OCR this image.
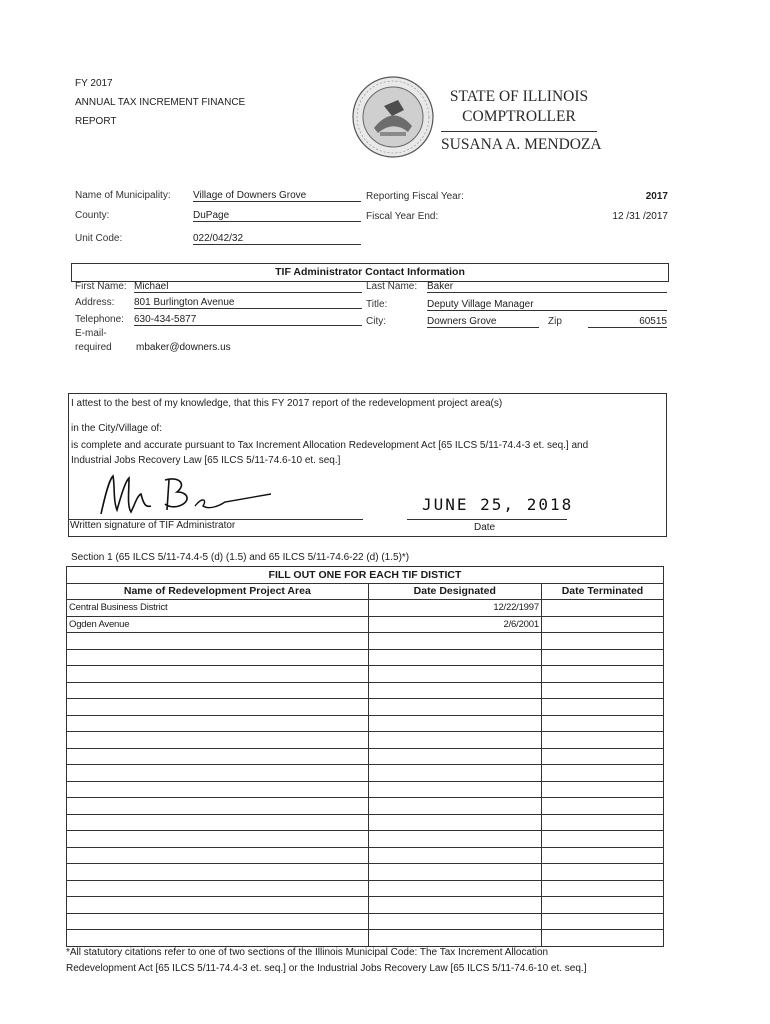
FY 2017
ANNUAL TAX INCREMENT FINANCE
REPORT
STATE OF ILLINOIS
COMPTROLLER
SUSANA A. MENDOZA
Name of Municipality: Village of Downers Grove
County:	DuPage
Unit Code:	022/042/32
Reporting Fiscal Year:	2017
Fiscal Year End:	12 /31 /2017
TIF Administrator Contact Information
First Name: Michael	Last Name: Baker
Address: 801 Burlington Avenue	Title:	Deputy Village Manager
Telephone: 630-434-5877	City:	Downers Grove	Zip	60515
E-mail-
required mbaker@downers.us
I attest to the best of my knowledge, that this FY 2017 report of the redevelopment project area(s)
in the City/Village of:
is complete and accurate pursuant to Tax Increment Allocation Redevelopment Act [65 ILCS 5/11-74.4-3 et. seq.] and
Industrial Jobs Recovery Law [65 ILCS 5/11-74.6-10 et. seq.]
Written signature of TIF Administrator
JUNE 25, 2018
Date
Section 1 (65 ILCS 5/11-74.4-5 (d) (1.5) and 65 ILCS 5/11-74.6-22 (d) (1.5)*)
FILL OUT ONE FOR EACH TIF DISTICT		
Name of Redevelopment Project Area	Date Designated	Date Terminated
Central Business District	12/22/1997	
Ogden Avenue	2/6/2001	

*All statutory citations refer to one of two sections of the Illinois Municipal Code: The Tax Increment Allocation
Redevelopment Act [65 ILCS 5/11-74.4-3 et. seq.] or the Industrial Jobs Recovery Law [65 ILCS 5/11-74.6-10 et. seq.]
